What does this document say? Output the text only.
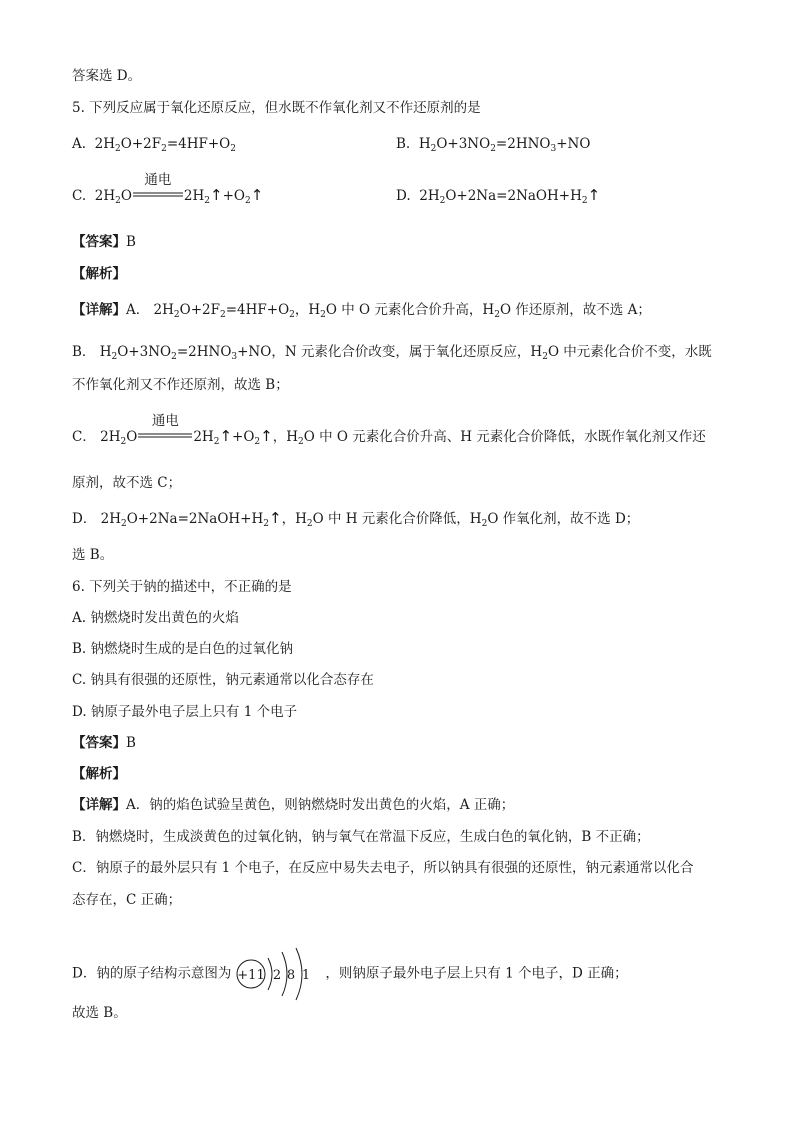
答案选 D。
5. 下列反应属于氧化还原反应，但水既不作氧化剂又不作还原剂的是
A. $2H_2O+2F_2=4HF+O_2$	B. $H_2O+3NO_2=2HNO_3+NO$
C. $2H_2O$
通电
$2H_2↑+O_2↑$	D. $2H_2O+2Na=2NaOH+H_2↑$
【答案】B
【解析】
【详解】A． $2H_2O+2F_2=4HF+O_2$，$H_2O$ 中 O 元素化合价升高，$H_2O$ 作还原剂，故不选 A；
B． $H_2O+3NO_2=2HNO_3+NO$，N 元素化合价改变，属于氧化还原反应，$H_2O$ 中元素化合价不变，水既
不作氧化剂又不作还原剂，故选 B；
C． $2H_2O$
通电
$2H_2↑+O_2↑$，$H_2O$ 中 O 元素化合价升高、H 元素化合价降低，水既作氧化剂又作还
原剂，故不选 C；
D． $2H_2O+2Na=2NaOH+H_2↑$，$H_2O$ 中 H 元素化合价降低，$H_2O$ 作氧化剂，故不选 D；
选 B。
6. 下列关于钠的描述中，不正确的是
A. 钠燃烧时发出黄色的火焰
B. 钠燃烧时生成的是白色的过氧化钠
C. 钠具有很强的还原性，钠元素通常以化合态存在
D. 钠原子最外电子层上只有 1 个电子
【答案】B
【解析】
【详解】A．钠的焰色试验呈黄色，则钠燃烧时发出黄色的火焰，A 正确；
B．钠燃烧时，生成淡黄色的过氧化钠，钠与氧气在常温下反应，生成白色的氧化钠，B 不正确；
C．钠原子的最外层只有 1 个电子，在反应中易失去电子，所以钠具有很强的还原性，钠元素通常以化合
态存在，C 正确；
D．钠的原子结构示意图为 +11 2 8 1 ，则钠原子最外电子层上只有 1 个电子，D 正确；
故选 B。
